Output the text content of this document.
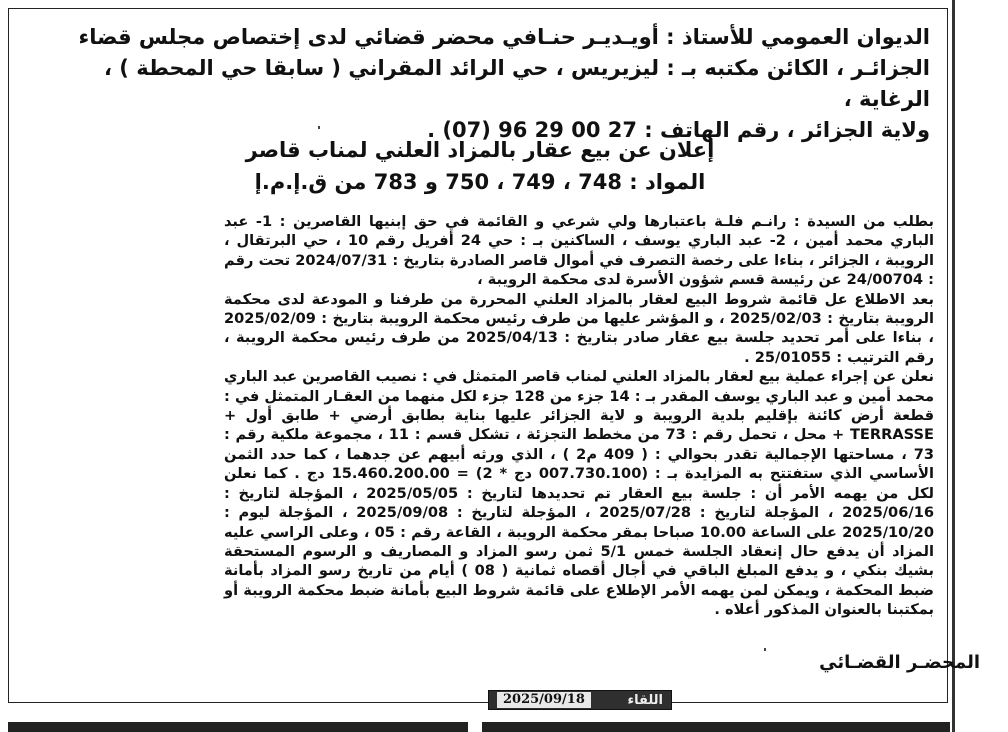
الديوان العمومي للأستاذ : أويـديـر حنـافي محضر قضائي لدى إختصاص مجلس قضاء

الجزائـر ، الكائن مكتبه بـ : ليزيريس ، حي الرائد المقراني ( سابقا حي المحطة ) ، الرغاية ،

ولاية الجزائر ، رقم الهاتف : 27 00 29 96 (07) .

إعلان عن بيع عقار بالمزاد العلني لمناب قاصر

المواد : 748 ، 749 ، 750 و 783 من ق.إ.م.إ

بطلب من السيدة : رانـم فلـة باعتبارها ولي شرعي و القائمة في حق إبنيها القاصرين : 1- عبد الباري محمد أمين ، 2- عبد الباري يوسف ، الساكنين بـ : حي 24 أفريل رقم 10 ، حي البرتقال ، الرويبة ، الجزائر ، بناءا على رخصة التصرف في أموال قاصر الصادرة بتاريخ : 2024/07/31 تحت رقم : 24/00704 عن رئيسة قسم شؤون الأسرة لدى محكمة الرويبة ،

بعد الاطلاع عل قائمة شروط البيع لعقار بالمزاد العلني المحررة من طرفنا و المودعة لدى محكمة الرويبة بتاريخ : 2025/02/03 ، و المؤشر عليها من طرف رئيس محكمة الرويبة بتاريخ : 2025/02/09 ، بناءا على أمر تحديد جلسة بيع عقار صادر بتاريخ : 2025/04/13 من طرف رئيس محكمة الرويبة ، رقم الترتيب : 25/01055 .

نعلن عن إجراء عملية بيع لعقار بالمزاد العلني لمناب قاصر المتمثل في : نصيب القاصرين عبد الباري محمد أمين و عبد الباري يوسف المقدر بـ : 14 جزء من 128 جزء لكل منهما من العقـار المتمثل في : قطعة أرض كائنة بإقليم بلدية الرويبة و لاية الجزائر عليها بناية بطابق أرضي + طابق أول + TERRASSE + محل ، تحمل رقم : 73 من مخطط التجزئة ، تشكل قسم : 11 ، مجموعة ملكية رقم : 73 ، مساحتها الإجمالية تقدر بحوالي : ( 409 م2 ) ، الذي ورثه أبيهم عن جدهما ، كما حدد الثمن الأساسي الذي ستفتتح به المزايدة بـ : (007.730.100 دج * 2) = 15.460.200.00 دج . كما نعلن لكل من يهمه الأمر أن : جلسة بيع العقار تم تحديدها لتاريخ : 2025/05/05 ، المؤجلة لتاريخ : 2025/06/16 ، المؤجلة لتاريخ : 2025/07/28 ، المؤجلة لتاريخ : 2025/09/08 ، المؤجلة ليوم : 2025/10/20 على الساعة 10.00 صباحا بمقر محكمة الرويبة ، القاعة رقم : 05 ، وعلى الراسي عليه المزاد أن يدفع حال إنعقاد الجلسة خمس 5/1 ثمن رسو المزاد و المصاريف و الرسوم المستحقة بشيك بنكي ، و يدفع المبلغ الباقي في أجال أقصاه ثمانية ( 08 ) أيام من تاريخ رسو المزاد بأمانة ضبط المحكمة ، ويمكن لمن يهمه الأمر الإطلاع على قائمة شروط البيع بأمانة ضبط محكمة الرويبة أو بمكتبنا بالعنوان المذكور أعلاه .

المحضـر القضـائي
2025/09/18	اللقاء
